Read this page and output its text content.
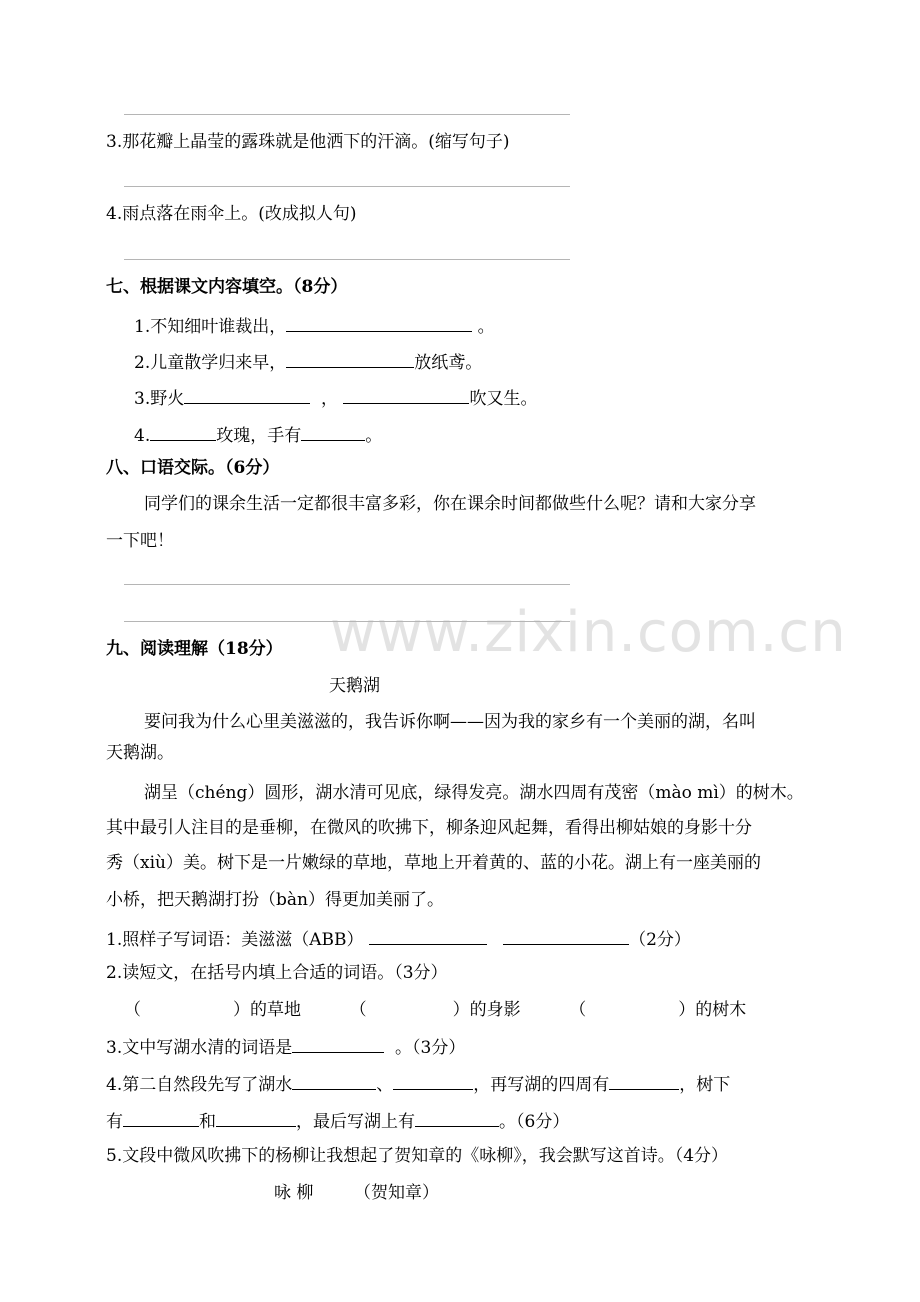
www.zixin.com.cn
3.那花瓣上晶莹的露珠就是他洒下的汗滴。(缩写句子)
4.雨点落在雨伞上。(改成拟人句)
七、根据课文内容填空。（8分）
1.不知细叶谁裁出，	。
2.儿童散学归来早，	放纸鸢。
3.野火	，	吹又生。
4.	玫瑰，手有	。
八、口语交际。（6分）
同学们的课余生活一定都很丰富多彩，你在课余时间都做些什么呢？请和大家分享
一下吧！
九、阅读理解（18分）
天鹅湖
要问我为什么心里美滋滋的，我告诉你啊——因为我的家乡有一个美丽的湖，名叫
天鹅湖。
湖呈（chéng）圆形，湖水清可见底，绿得发亮。湖水四周有茂密（mào mì）的树木。
其中最引人注目的是垂柳，在微风的吹拂下，柳条迎风起舞，看得出柳姑娘的身影十分
秀（xiù）美。树下是一片嫩绿的草地，草地上开着黄的、蓝的小花。湖上有一座美丽的
小桥，把天鹅湖打扮（bàn）得更加美丽了。
1.照样子写词语：美滋滋（ABB）	（2分）
2.读短文，在括号内填上合适的词语。（3分）
（	）的草地	（	）的身影	（	）的树木
3.文中写湖水清的词语是	。（3分）
4.第二自然段先写了湖水	、	，再写湖的四周有	，树下
有	和	，最后写湖上有	。（6分）
5.文段中微风吹拂下的杨柳让我想起了贺知章的《咏柳》，我会默写这首诗。（4分）
咏 柳 （贺知章）
